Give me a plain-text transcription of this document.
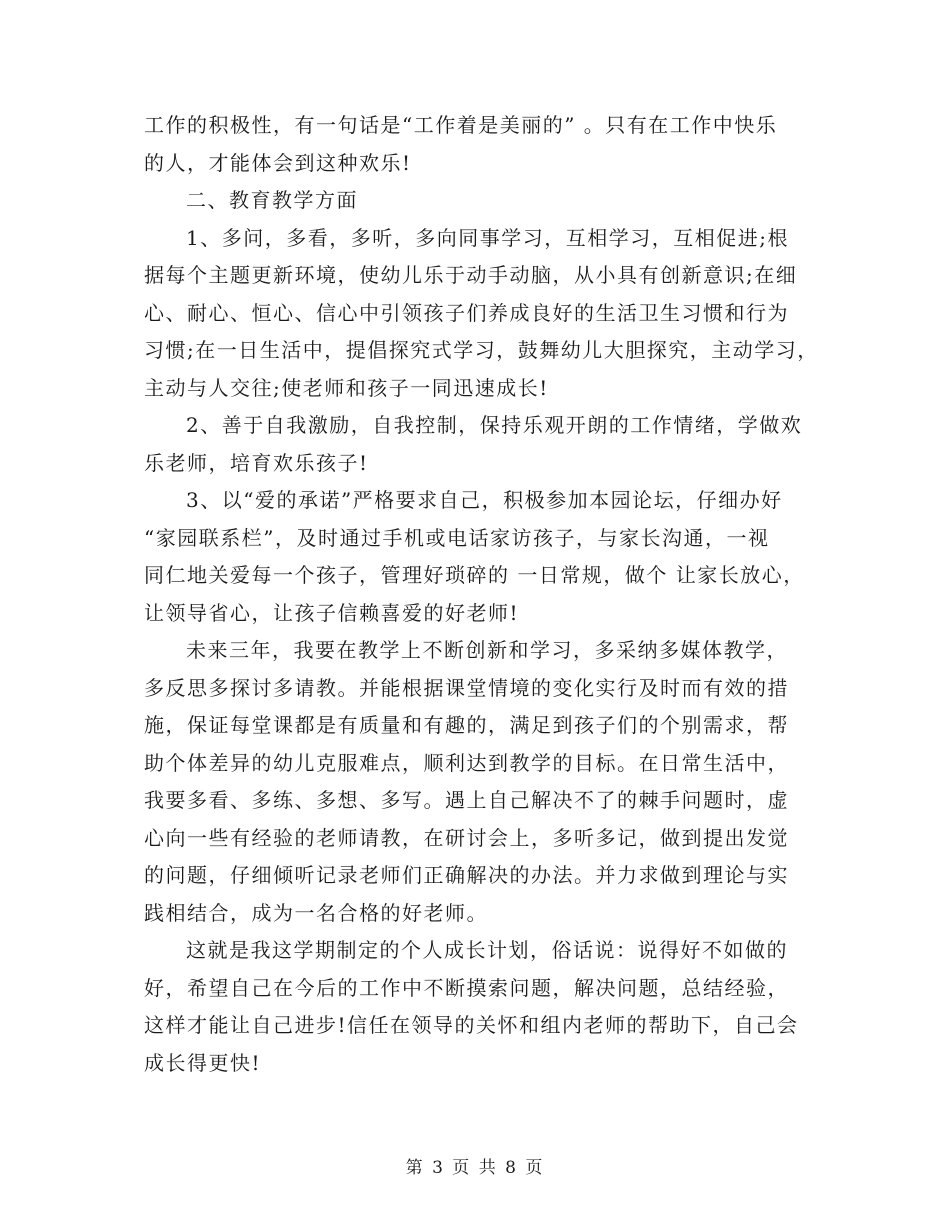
工作的积极性，有一句话是“工作着是美丽的” 。只有在工作中快乐
的人，才能体会到这种欢乐!
二、教育教学方面
1、多问，多看，多听，多向同事学习，互相学习，互相促进;根
据每个主题更新环境，使幼儿乐于动手动脑，从小具有创新意识;在细
心、耐心、恒心、信心中引领孩子们养成良好的生活卫生习惯和行为
习惯;在一日生活中，提倡探究式学习，鼓舞幼儿大胆探究，主动学习，
主动与人交往;使老师和孩子一同迅速成长!
2、善于自我激励，自我控制，保持乐观开朗的工作情绪，学做欢
乐老师，培育欢乐孩子!
3、以“爱的承诺”严格要求自己，积极参加本园论坛，仔细办好
“家园联系栏”，及时通过手机或电话家访孩子，与家长沟通，一视
同仁地关爱每一个孩子，管理好琐碎的 一日常规，做个 让家长放心，
让领导省心，让孩子信赖喜爱的好老师!
未来三年，我要在教学上不断创新和学习，多采纳多媒体教学，
多反思多探讨多请教。并能根据课堂情境的变化实行及时而有效的措
施，保证每堂课都是有质量和有趣的，满足到孩子们的个别需求，帮
助个体差异的幼儿克服难点，顺利达到教学的目标。在日常生活中，
我要多看、多练、多想、多写。遇上自己解决不了的棘手问题时，虚
心向一些有经验的老师请教，在研讨会上，多听多记，做到提出发觉
的问题，仔细倾听记录老师们正确解决的办法。并力求做到理论与实
践相结合，成为一名合格的好老师。
这就是我这学期制定的个人成长计划，俗话说：说得好不如做的
好，希望自己在今后的工作中不断摸索问题，解决问题，总结经验，
这样才能让自己进步!信任在领导的关怀和组内老师的帮助下，自己会
成长得更快!
第 3 页 共 8 页
